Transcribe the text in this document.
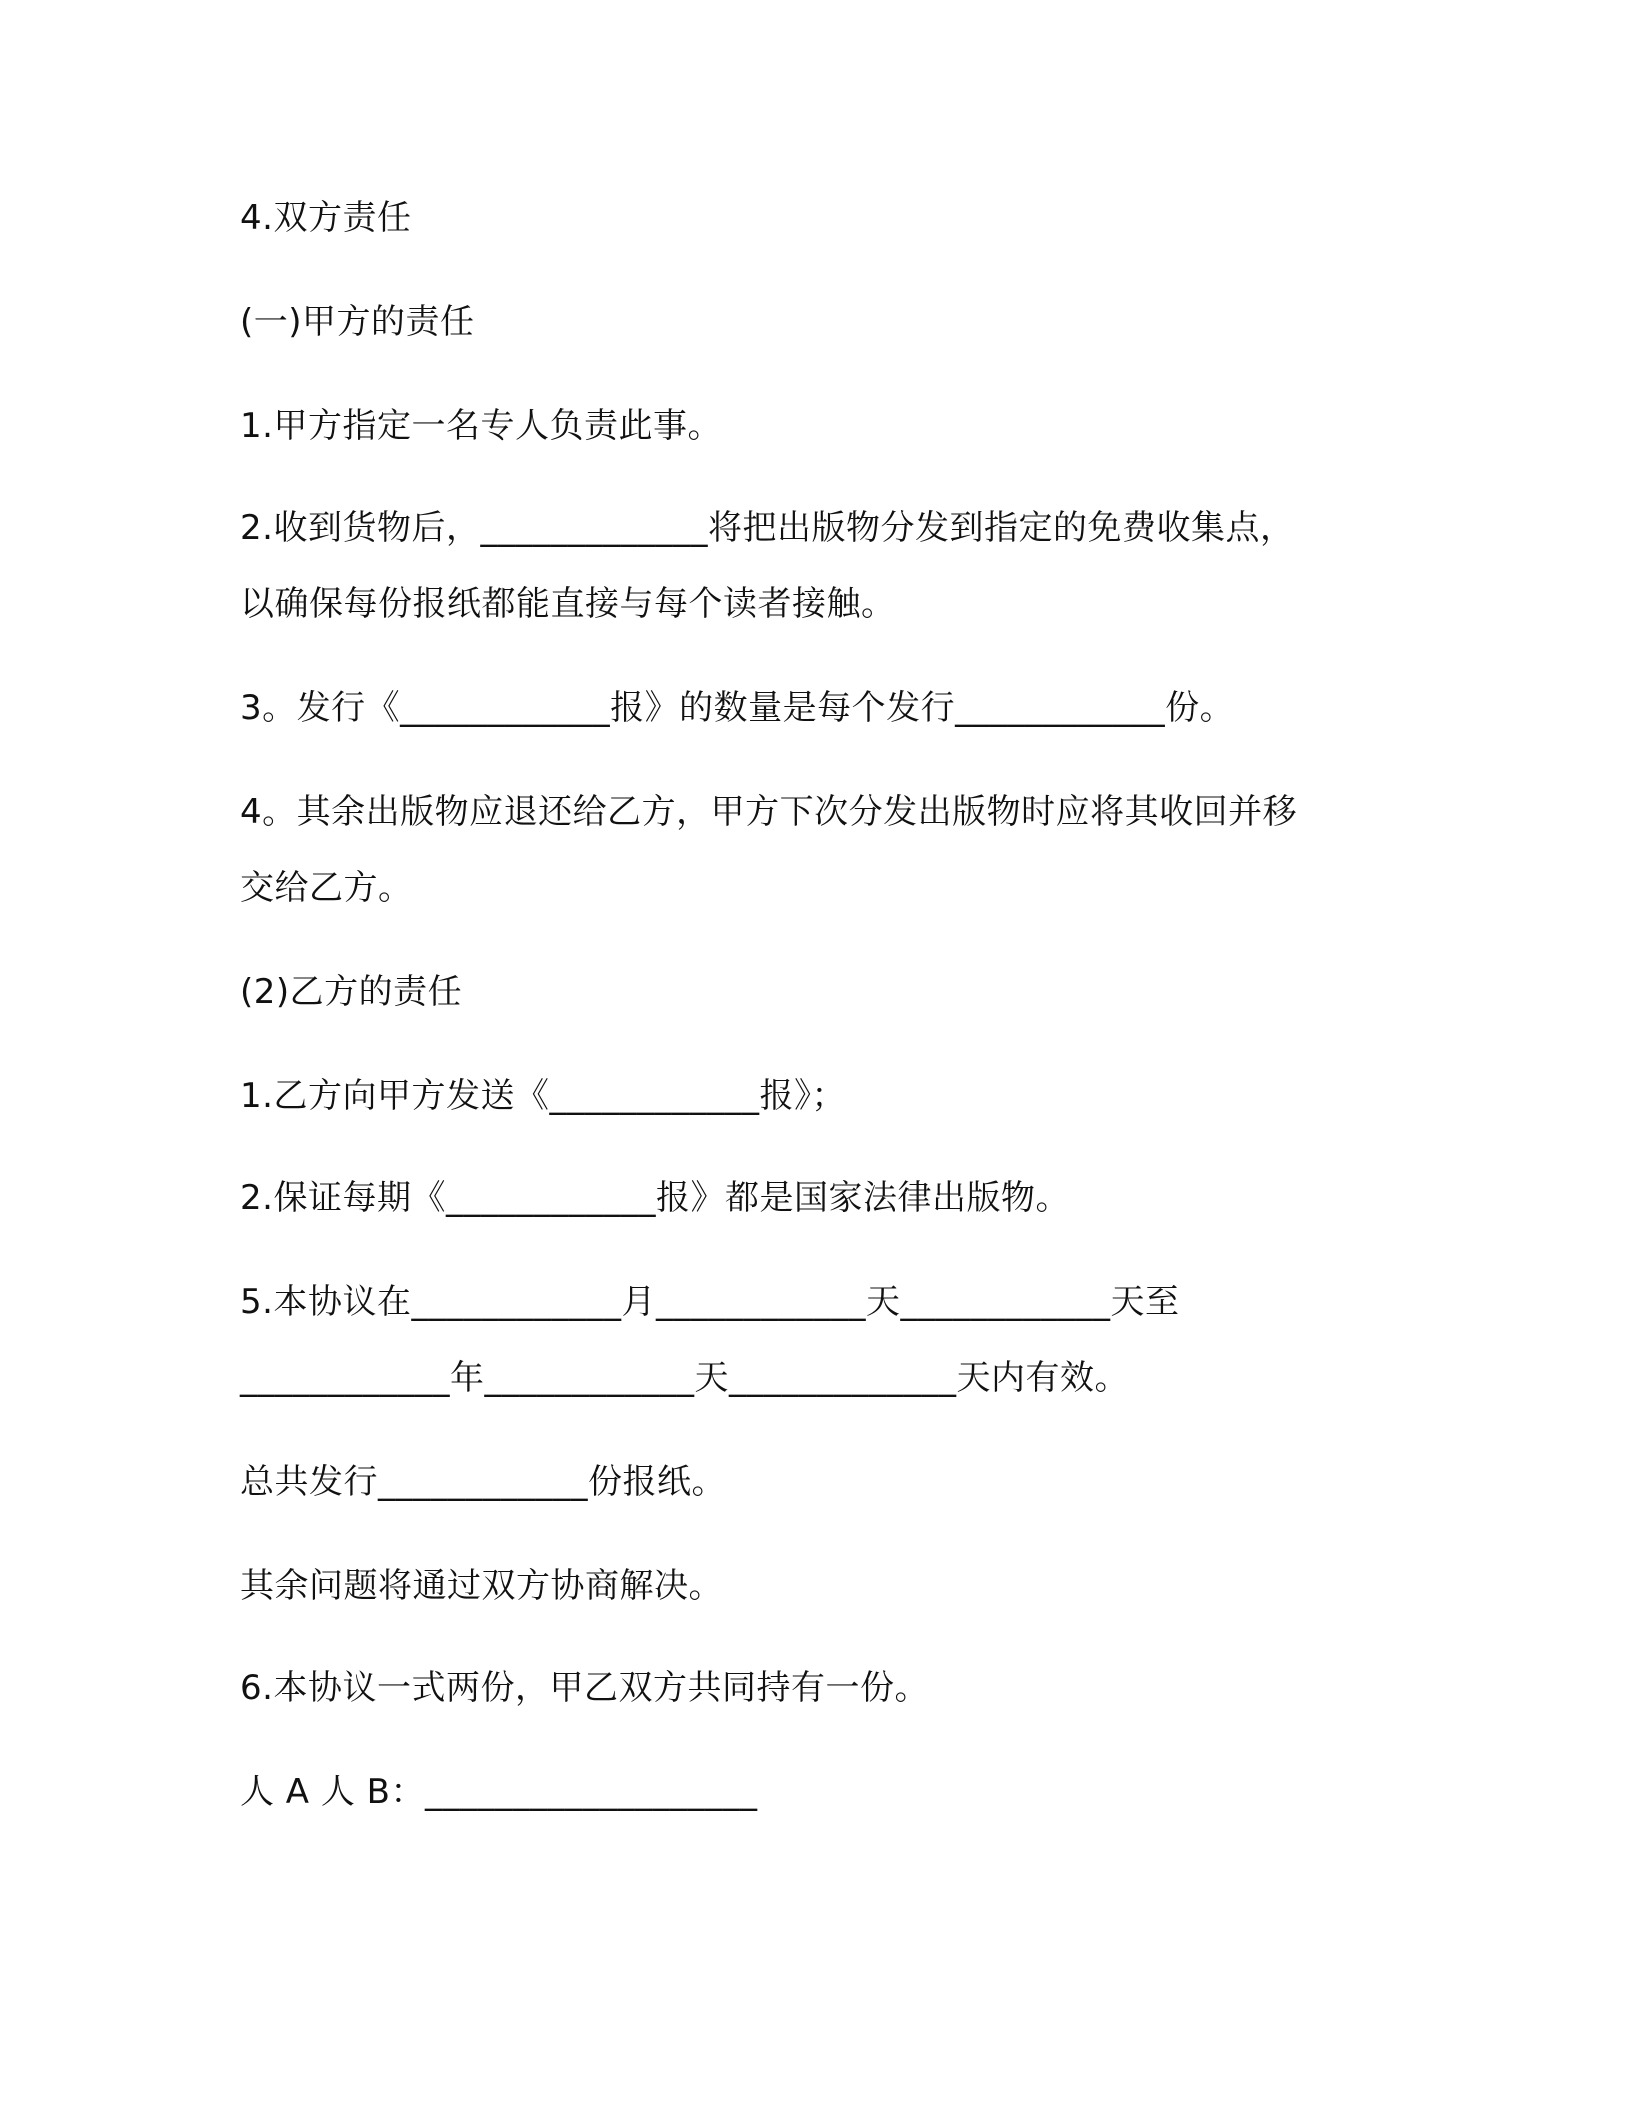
4.双方责任
(一)甲方的责任
1.甲方指定一名专人负责此事。
2.收到货物后，_____________将把出版物分发到指定的免费收集点，
以确保每份报纸都能直接与每个读者接触。
3。发行《____________报》的数量是每个发行____________份。
4。其余出版物应退还给乙方，甲方下次分发出版物时应将其收回并移
交给乙方。
(2)乙方的责任
1.乙方向甲方发送《____________报》；
2.保证每期《____________报》都是国家法律出版物。
5.本协议在____________月____________天____________天至
____________年____________天_____________天内有效。
总共发行____________份报纸。
其余问题将通过双方协商解决。
6.本协议一式两份，甲乙双方共同持有一份。
人 A 人 B：___________________
